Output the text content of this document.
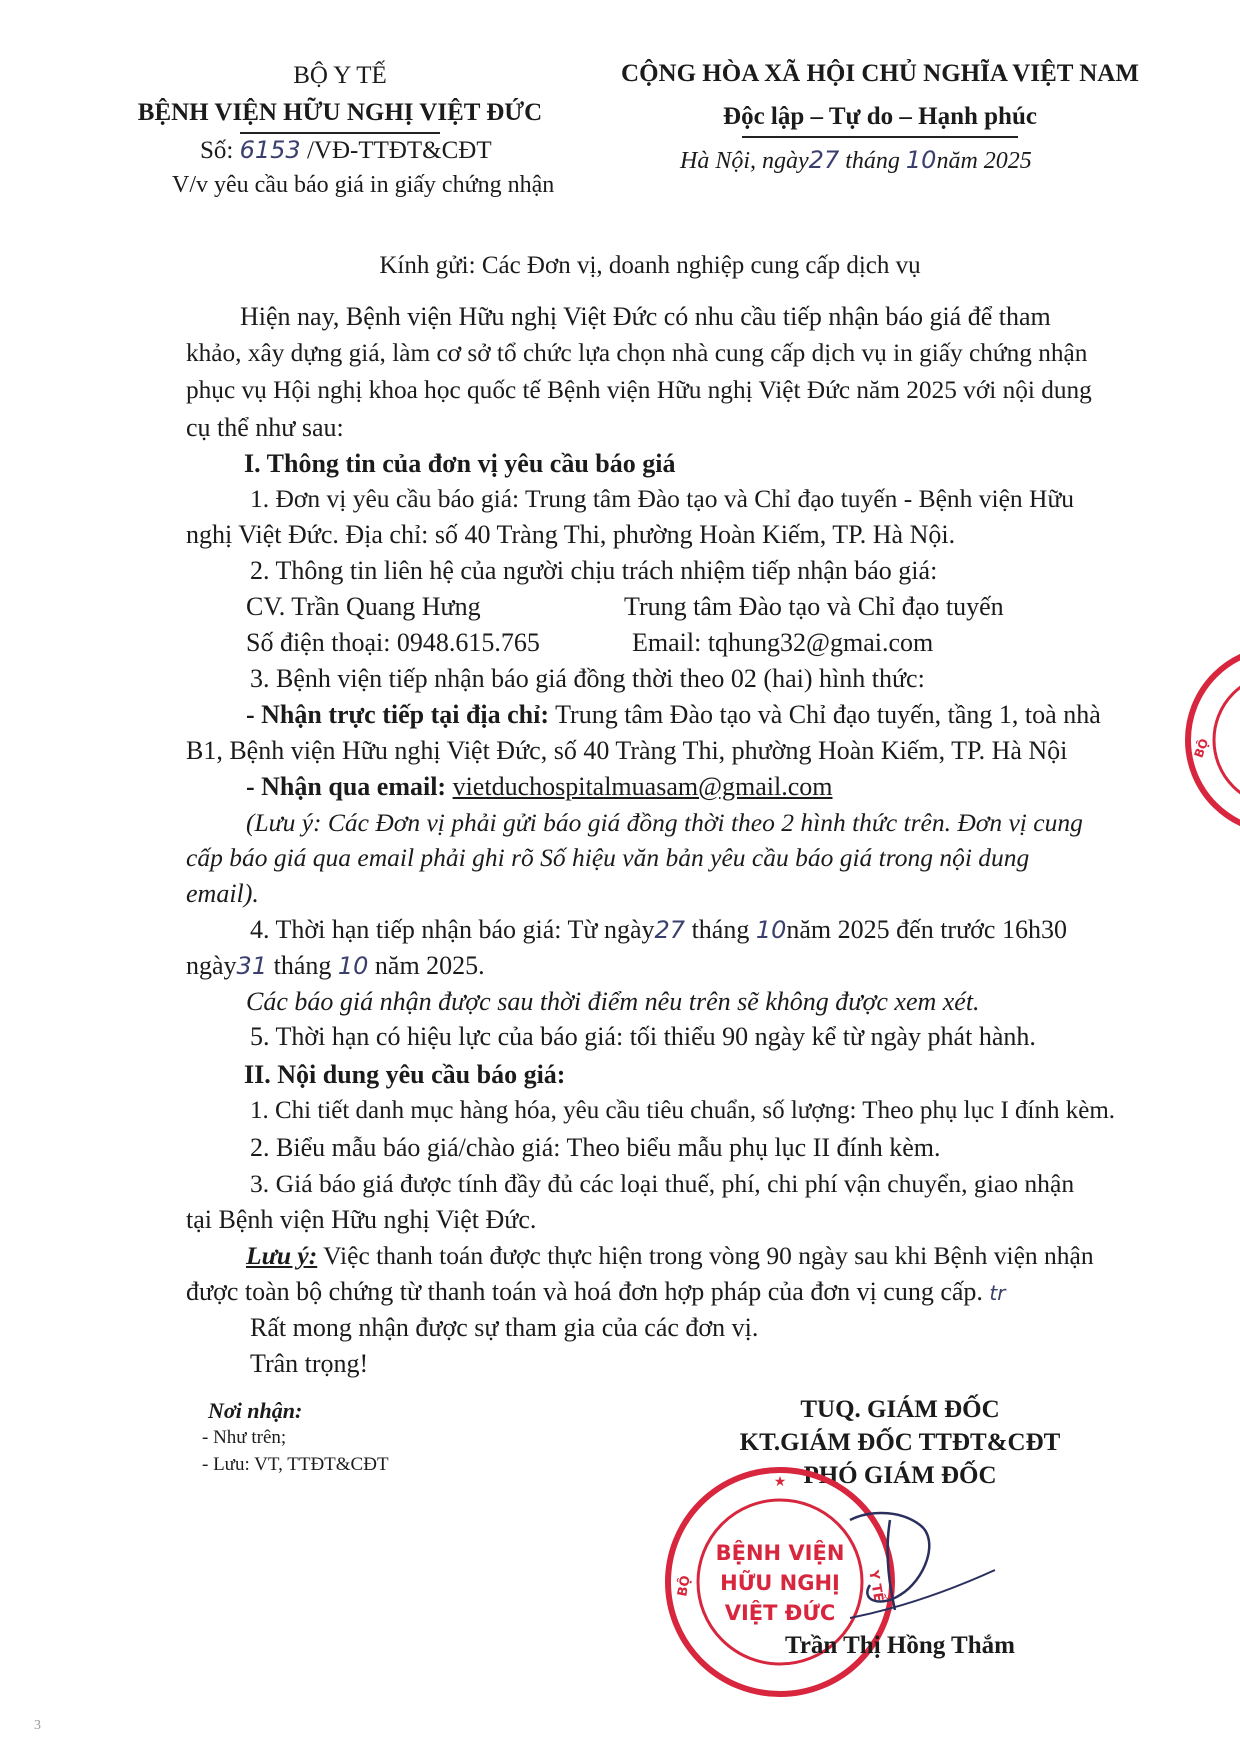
BỘ Y TẾ
BỆNH VIỆN HỮU NGHỊ VIỆT ĐỨC
Số: 6153 /VĐ-TTĐT&CĐT
V/v yêu cầu báo giá in giấy chứng nhận
CỘNG HÒA XÃ HỘI CHỦ NGHĨA VIỆT NAM
Độc lập – Tự do – Hạnh phúc
Hà Nội, ngày27 tháng 10năm 2025
Kính gửi: Các Đơn vị, doanh nghiệp cung cấp dịch vụ
Hiện nay, Bệnh viện Hữu nghị Việt Đức có nhu cầu tiếp nhận báo giá để tham
khảo, xây dựng giá, làm cơ sở tổ chức lựa chọn nhà cung cấp dịch vụ in giấy chứng nhận
phục vụ Hội nghị khoa học quốc tế Bệnh viện Hữu nghị Việt Đức năm 2025 với nội dung
cụ thể như sau:
I. Thông tin của đơn vị yêu cầu báo giá
1. Đơn vị yêu cầu báo giá: Trung tâm Đào tạo và Chỉ đạo tuyến - Bệnh viện Hữu
nghị Việt Đức. Địa chỉ: số 40 Tràng Thi, phường Hoàn Kiếm, TP. Hà Nội.
2. Thông tin liên hệ của người chịu trách nhiệm tiếp nhận báo giá:
CV. Trần Quang Hưng	Trung tâm Đào tạo và Chỉ đạo tuyến
Số điện thoại: 0948.615.765	Email: tqhung32@gmai.com
3. Bệnh viện tiếp nhận báo giá đồng thời theo 02 (hai) hình thức:
- Nhận trực tiếp tại địa chỉ: Trung tâm Đào tạo và Chỉ đạo tuyến, tầng 1, toà nhà
B1, Bệnh viện Hữu nghị Việt Đức, số 40 Tràng Thi, phường Hoàn Kiếm, TP. Hà Nội
- Nhận qua email: vietduchospitalmuasam@gmail.com
(Lưu ý: Các Đơn vị phải gửi báo giá đồng thời theo 2 hình thức trên. Đơn vị cung
cấp báo giá qua email phải ghi rõ Số hiệu văn bản yêu cầu báo giá trong nội dung
email).
4. Thời hạn tiếp nhận báo giá: Từ ngày27 tháng 10năm 2025 đến trước 16h30
ngày31 tháng 10 năm 2025.
Các báo giá nhận được sau thời điểm nêu trên sẽ không được xem xét.
5. Thời hạn có hiệu lực của báo giá: tối thiểu 90 ngày kể từ ngày phát hành.
II. Nội dung yêu cầu báo giá:
1. Chi tiết danh mục hàng hóa, yêu cầu tiêu chuẩn, số lượng: Theo phụ lục I đính kèm.
2. Biểu mẫu báo giá/chào giá: Theo biểu mẫu phụ lục II đính kèm.
3. Giá báo giá được tính đầy đủ các loại thuế, phí, chi phí vận chuyển, giao nhận
tại Bệnh viện Hữu nghị Việt Đức.
Lưu ý: Việc thanh toán được thực hiện trong vòng 90 ngày sau khi Bệnh viện nhận
được toàn bộ chứng từ thanh toán và hoá đơn hợp pháp của đơn vị cung cấp. tr
Rất mong nhận được sự tham gia của các đơn vị.
Trân trọng!
Nơi nhận:
- Như trên;
- Lưu: VT, TTĐT&CĐT
TUQ. GIÁM ĐỐC
KT.GIÁM ĐỐC TTĐT&CĐT
PHÓ GIÁM ĐỐC
BỆNH VIỆN
HỮU NGHỊ
VIỆT ĐỨC
BỘ	Y TẾ
★
Trần Thị Hồng Thắm
BỘ
3
